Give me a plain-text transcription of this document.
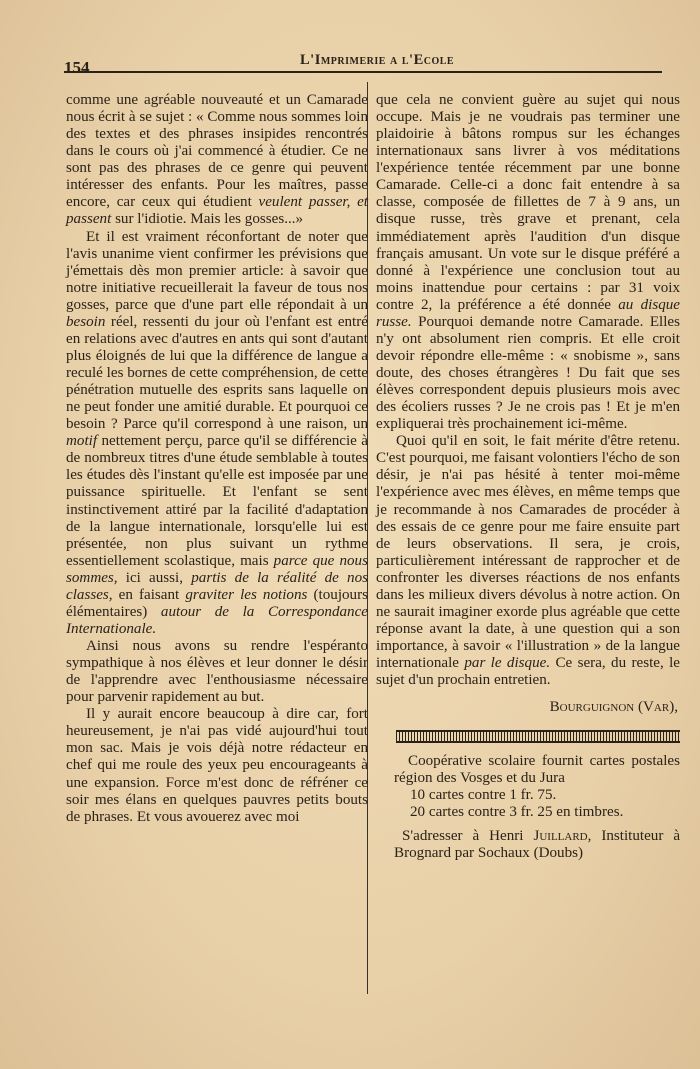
154	L'Imprimerie a l'Ecole

comme une agréable nouveauté et un Camarade nous écrit à se sujet : « Comme nous sommes loin des textes et des phrases insipides rencontrés dans le cours où j'ai commencé à étudier. Ce ne sont pas des phrases de ce genre qui peuvent intéresser des enfants. Pour les maîtres, passe encore, car ceux qui étudient veulent passer, et passent sur l'idiotie. Mais les gosses...»

Et il est vraiment réconfortant de noter que l'avis unanime vient confirmer les prévisions que j'émettais dès mon premier article: à savoir que notre initiative recueillerait la faveur de tous nos gosses, parce que d'une part elle répondait à un besoin réel, ressenti du jour où l'enfant est entré en relations avec d'autres en ants qui sont d'autant plus éloignés de lui que la différence de langue a reculé les bornes de cette compréhension, de cette pénétration mutuelle des esprits sans laquelle on ne peut fonder une amitié durable. Et pourquoi ce besoin ? Parce qu'il correspond à une raison, un motif nettement perçu, parce qu'il se différencie à de nombreux titres d'une étude semblable à toutes les études dès l'instant qu'elle est imposée par une puissance spirituelle. Et l'enfant se sent instinctivement attiré par la facilité d'adaptation de la langue internationale, lorsqu'elle lui est présentée, non plus suivant un rythme essentiellement scolastique, mais parce que nous sommes, ici aussi, partis de la réalité de nos classes, en faisant graviter les notions (toujours élémentaires) autour de la Correspondance Internationale.

Ainsi nous avons su rendre l'espéranto sympathique à nos élèves et leur donner le désir de l'apprendre avec l'enthousiasme nécessaire pour parvenir rapidement au but.

Il y aurait encore beaucoup à dire car, fort heureusement, je n'ai pas vidé aujourd'hui tout mon sac. Mais je vois déjà notre rédacteur en chef qui me roule des yeux peu encourageants à une expansion. Force m'est donc de réfréner ce soir mes élans en quelques pauvres petits bouts de phrases. Et vous avouerez avec moi

que cela ne convient guère au sujet qui nous occupe. Mais je ne voudrais pas terminer une plaidoirie à bâtons rompus sur les échanges internationaux sans livrer à vos méditations l'expérience tentée récemment par une bonne Camarade. Celle-ci a donc fait entendre à sa classe, composée de fillettes de 7 à 9 ans, un disque russe, très grave et prenant, cela immédiatement après l'audition d'un disque français amusant. Un vote sur le disque préféré a donné à l'expérience une conclusion tout au moins inattendue pour certains : par 31 voix contre 2, la préférence a été donnée au disque russe. Pourquoi demande notre Camarade. Elles n'y ont absolument rien compris. Et elle croit devoir répondre elle-même : « snobisme », sans doute, des choses étrangères ! Du fait que ses élèves correspondent depuis plusieurs mois avec des écoliers russes ? Je ne crois pas ! Et je m'en expliquerai très prochainement ici-même.

Quoi qu'il en soit, le fait mérite d'être retenu. C'est pourquoi, me faisant volontiers l'écho de son désir, je n'ai pas hésité à tenter moi-même l'expérience avec mes élèves, en même temps que je recommande à nos Camarades de procéder à des essais de ce genre pour me faire ensuite part de leurs observations. Il sera, je crois, particulièrement intéressant de rapprocher et de confronter les diverses réactions de nos enfants dans les milieux divers dévolus à notre action. On ne saurait imaginer exorde plus agréable que cette réponse avant la date, à une question qui a son importance, à savoir « l'illustration » de la langue internationale par le disque. Ce sera, du reste, le sujet d'un prochain entretien.

Bourguignon (Var),

Coopérative scolaire fournit cartes postales région des Vosges et du Jura

10 cartes contre 1 fr. 75.

20 cartes contre 3 fr. 25 en timbres.

S'adresser à Henri Juillard, Instituteur à Brognard par Sochaux (Doubs)
